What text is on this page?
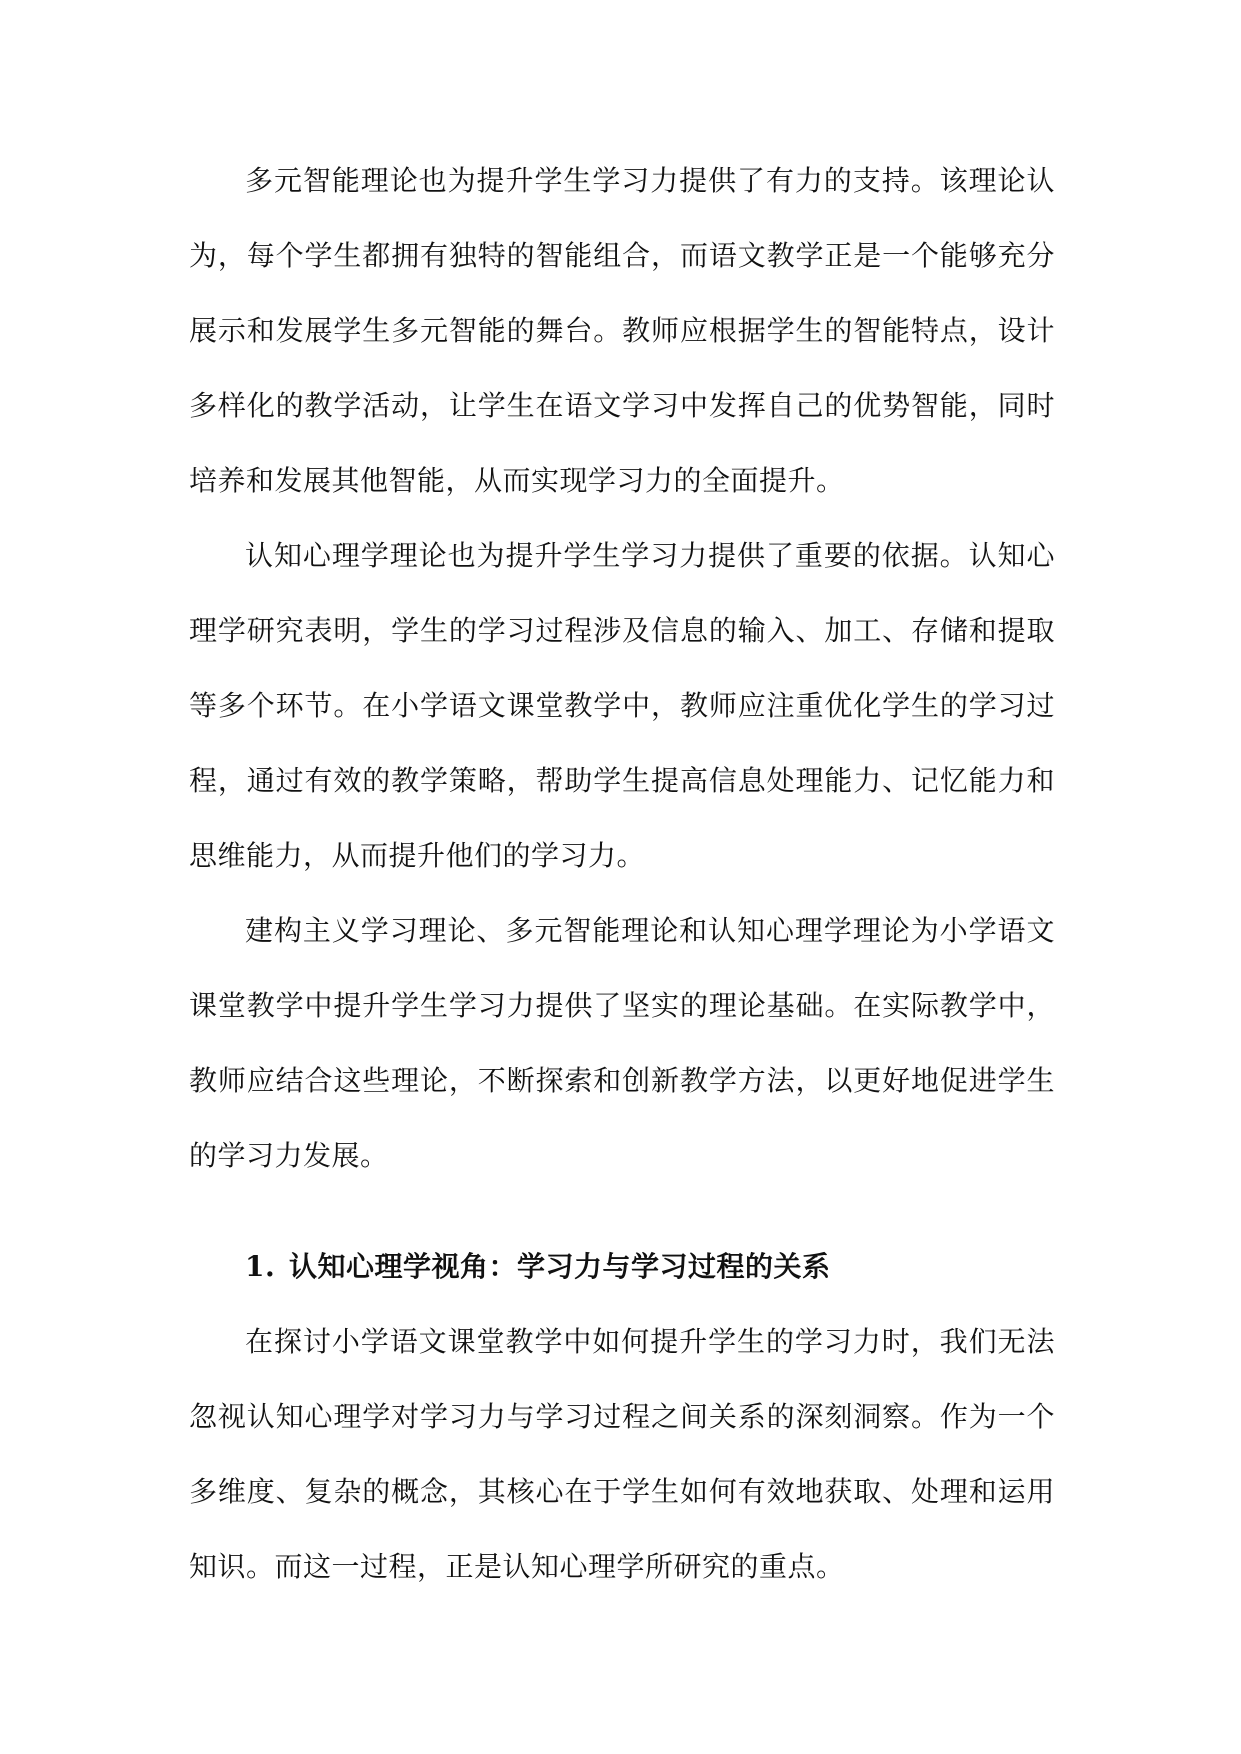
多元智能理论也为提升学生学习力提供了有力的支持。该理论认为，每个学生都拥有独特的智能组合，而语文教学正是一个能够充分展示和发展学生多元智能的舞台。教师应根据学生的智能特点，设计多样化的教学活动，让学生在语文学习中发挥自己的优势智能，同时培养和发展其他智能，从而实现学习力的全面提升。

认知心理学理论也为提升学生学习力提供了重要的依据。认知心理学研究表明，学生的学习过程涉及信息的输入、加工、存储和提取等多个环节。在小学语文课堂教学中，教师应注重优化学生的学习过程，通过有效的教学策略，帮助学生提高信息处理能力、记忆能力和思维能力，从而提升他们的学习力。

建构主义学习理论、多元智能理论和认知心理学理论为小学语文课堂教学中提升学生学习力提供了坚实的理论基础。在实际教学中，教师应结合这些理论，不断探索和创新教学方法，以更好地促进学生的学习力发展。

1. 认知心理学视角：学习力与学习过程的关系

在探讨小学语文课堂教学中如何提升学生的学习力时，我们无法忽视认知心理学对学习力与学习过程之间关系的深刻洞察。作为一个多维度、复杂的概念，其核心在于学生如何有效地获取、处理和运用知识。而这一过程，正是认知心理学所研究的重点。
